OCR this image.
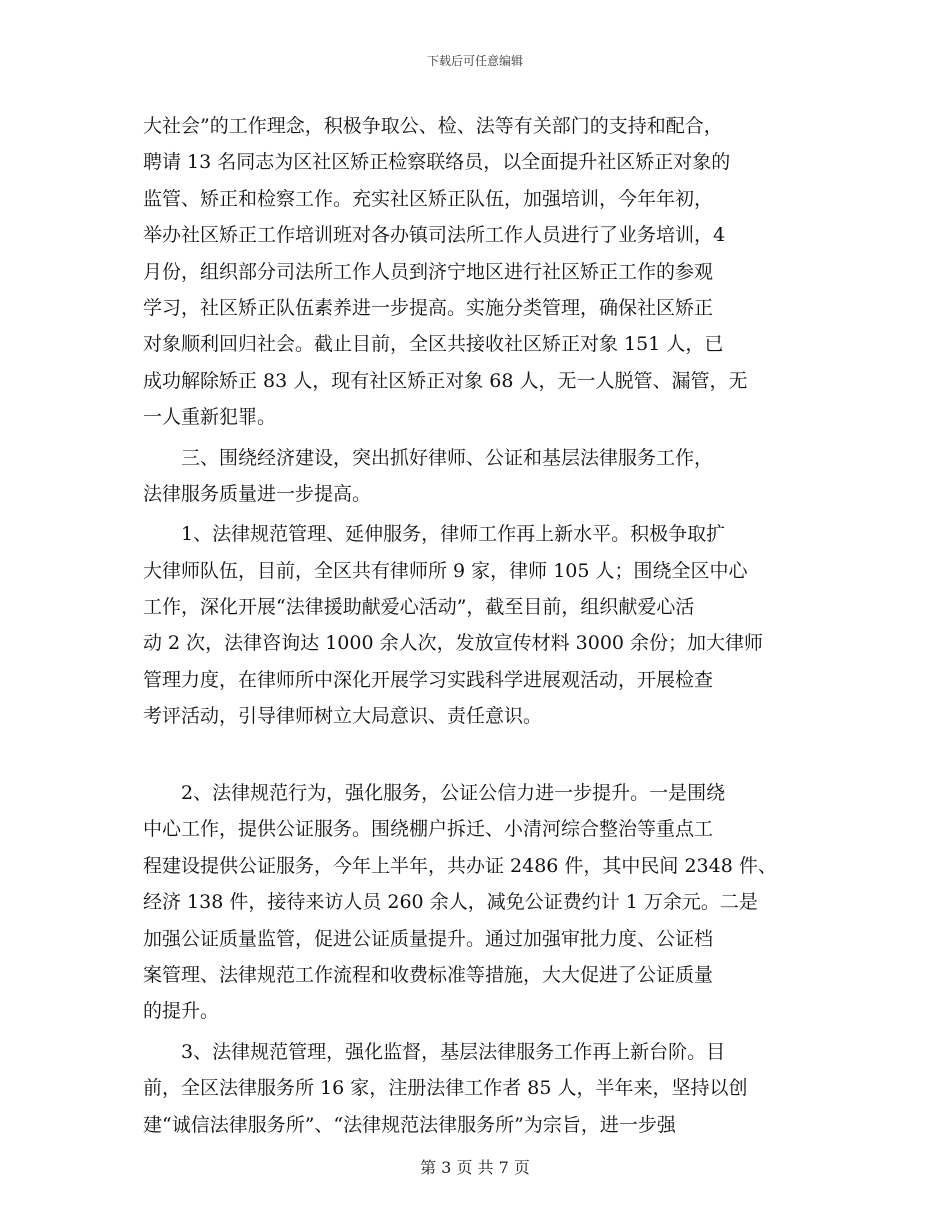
下载后可任意编辑
大社会”的工作理念，积极争取公、检、法等有关部门的支持和配合，
聘请 13 名同志为区社区矫正检察联络员，以全面提升社区矫正对象的
监管、矫正和检察工作。充实社区矫正队伍，加强培训，今年年初，
举办社区矫正工作培训班对各办镇司法所工作人员进行了业务培训，4
月份，组织部分司法所工作人员到济宁地区进行社区矫正工作的参观
学习，社区矫正队伍素养进一步提高。实施分类管理，确保社区矫正
对象顺利回归社会。截止目前，全区共接收社区矫正对象 151 人，已
成功解除矫正 83 人，现有社区矫正对象 68 人，无一人脱管、漏管，无
一人重新犯罪。
三、围绕经济建设，突出抓好律师、公证和基层法律服务工作，
法律服务质量进一步提高。
1、法律规范管理、延伸服务，律师工作再上新水平。积极争取扩
大律师队伍，目前，全区共有律师所 9 家，律师 105 人；围绕全区中心
工作，深化开展“法律援助献爱心活动”，截至目前，组织献爱心活
动 2 次，法律咨询达 1000 余人次，发放宣传材料 3000 余份；加大律师
管理力度，在律师所中深化开展学习实践科学进展观活动，开展检查
考评活动，引导律师树立大局意识、责任意识。
2、法律规范行为，强化服务，公证公信力进一步提升。一是围绕
中心工作，提供公证服务。围绕棚户拆迁、小清河综合整治等重点工
程建设提供公证服务，今年上半年，共办证 2486 件，其中民间 2348 件、
经济 138 件，接待来访人员 260 余人，减免公证费约计 1 万余元。二是
加强公证质量监管，促进公证质量提升。通过加强审批力度、公证档
案管理、法律规范工作流程和收费标准等措施，大大促进了公证质量
的提升。
3、法律规范管理，强化监督，基层法律服务工作再上新台阶。目
前，全区法律服务所 16 家，注册法律工作者 85 人，半年来，坚持以创
建“诚信法律服务所”、“法律规范法律服务所”为宗旨，进一步强
第 3 页 共 7 页
